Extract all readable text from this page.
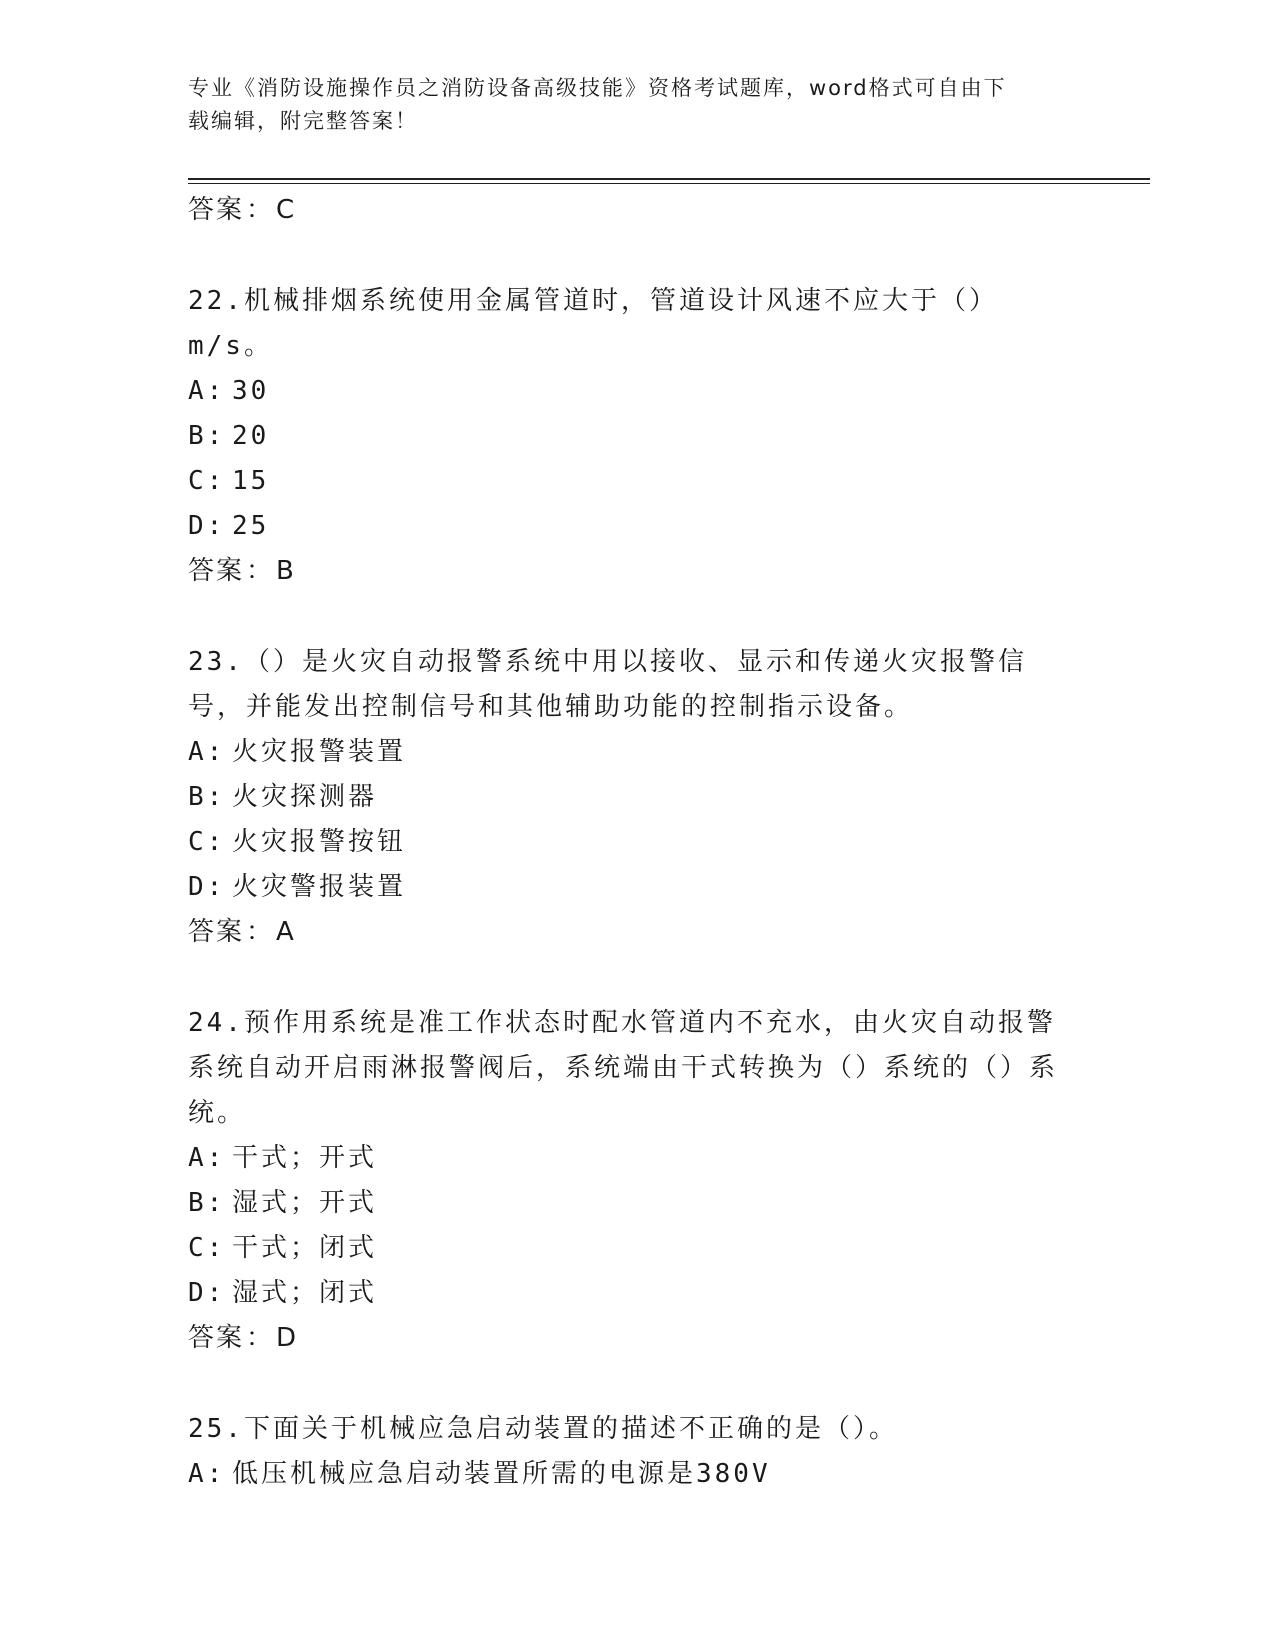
专业《消防设施操作员之消防设备高级技能》资格考试题库，word格式可自由下
载编辑，附完整答案！

答案：C

22.机械排烟系统使用金属管道时，管道设计风速不应大于（）m/s。

A: 30

B: 20

C: 15

D: 25

答案：B

23.（）是火灾自动报警系统中用以接收、显示和传递火灾报警信号，并能发出控制信号和其他辅助功能的控制指示设备。

A: 火灾报警装置

B: 火灾探测器

C: 火灾报警按钮

D: 火灾警报装置

答案：A

24.预作用系统是准工作状态时配水管道内不充水，由火灾自动报警系统自动开启雨淋报警阀后，系统端由干式转换为（）系统的（）系统。

A: 干式；开式

B: 湿式；开式

C: 干式；闭式

D: 湿式；闭式

答案：D

25.下面关于机械应急启动装置的描述不正确的是（）。

A: 低压机械应急启动装置所需的电源是380V
